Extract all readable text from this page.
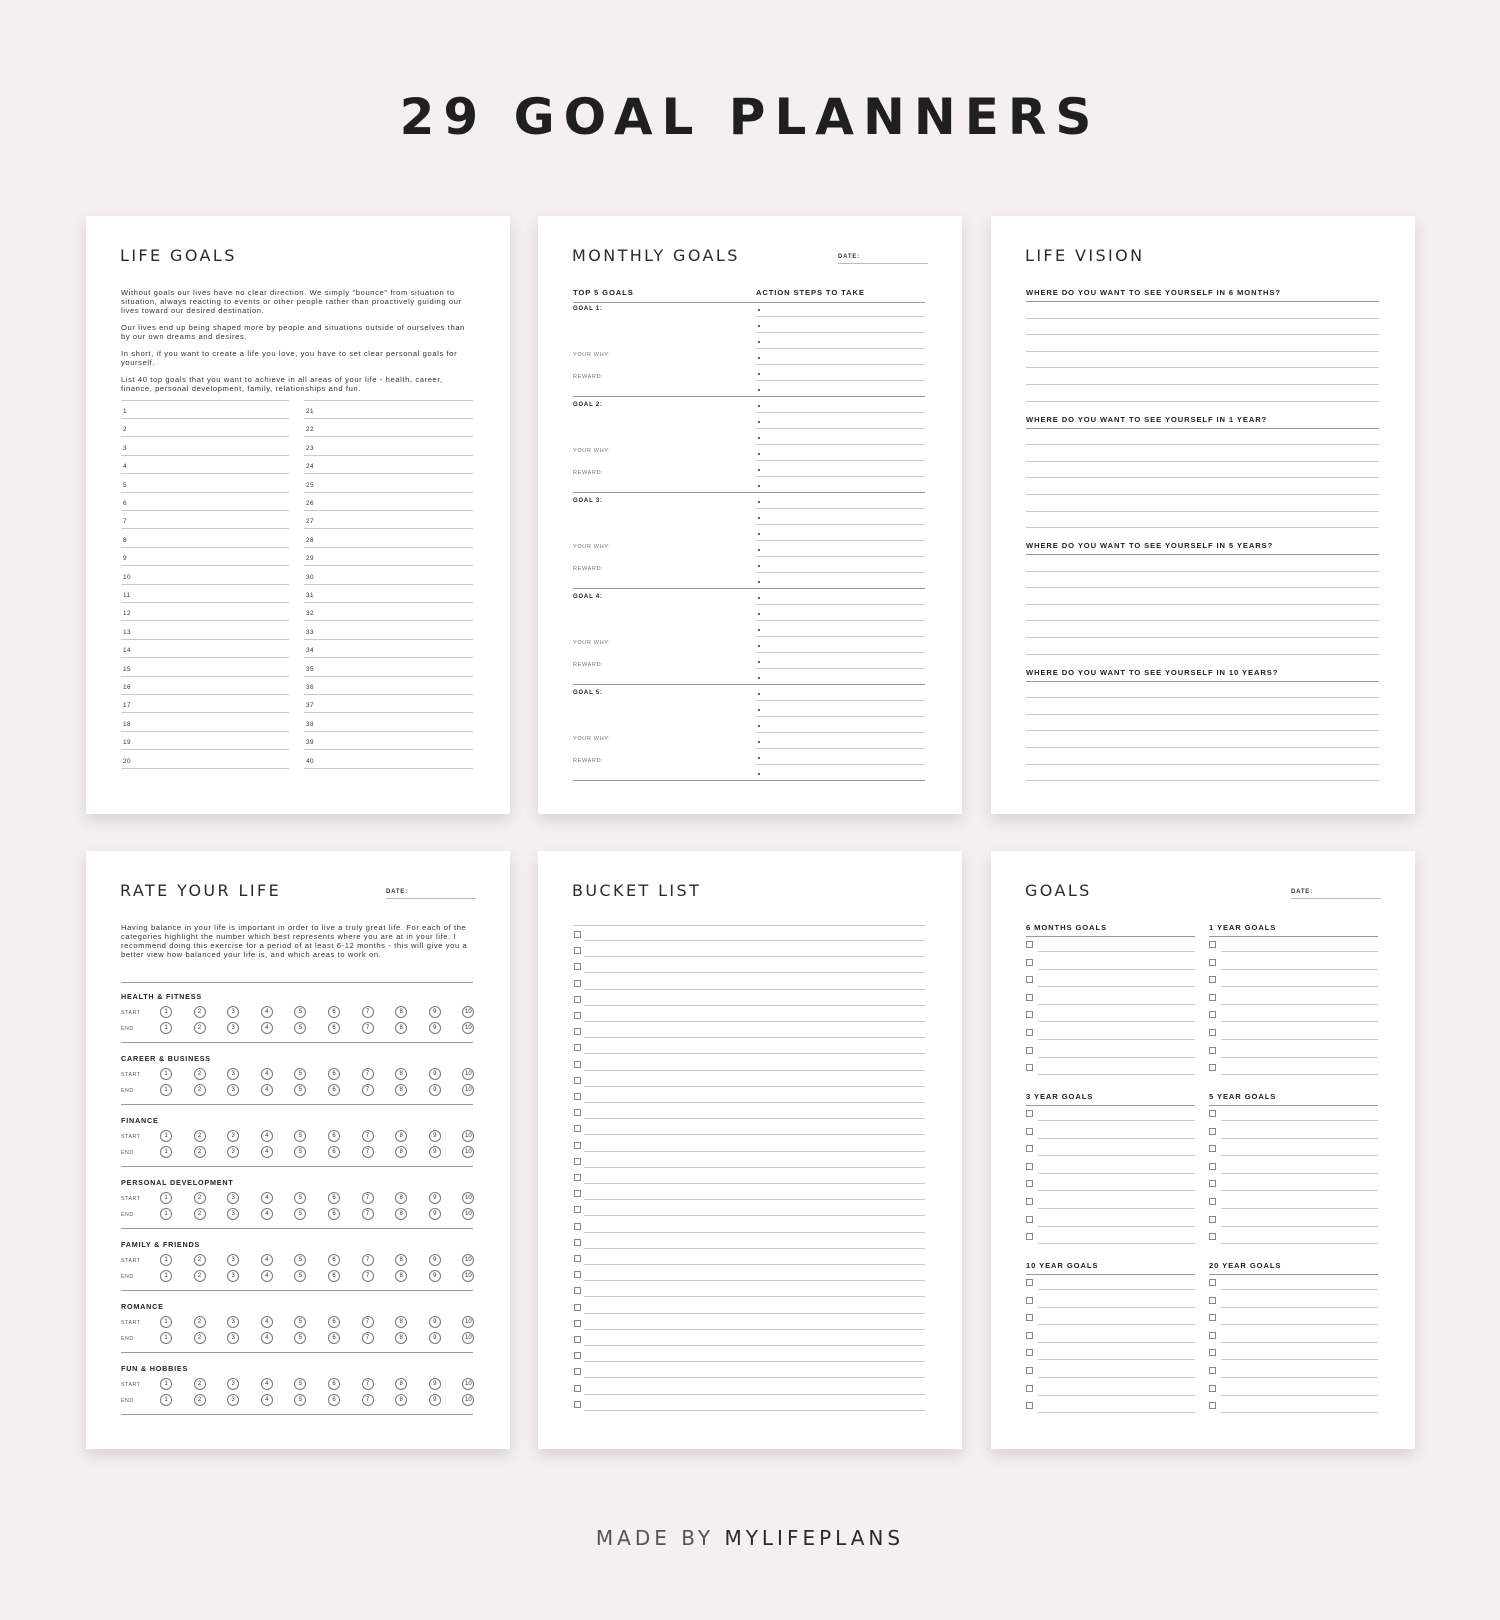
29 GOAL PLANNERS
LIFE GOALS

Without goals our lives have no clear direction. We simply "bounce" from situation to situation, always reacting to events or other people rather than proactively guiding our lives toward our desired destination.

Our lives end up being shaped more by people and situations outside of ourselves than by our own dreams and desires.

In short, if you want to create a life you love, you have to set clear personal goals for yourself.

List 40 top goals that you want to achieve in all areas of your life - health, career, finance, personal development, family, relationships and fun.

1	21
2	22
3	23
4	24
5	25
6	26
7	27
8	28
9	29
10	30
11	31
12	32
13	33
14	34
15	35
16	36
17	37
18	38
19	39
20	40
MONTHLY GOALS	DATE:
TOP 5 GOALS	ACTION STEPS TO TAKE
GOAL 1:
YOUR WHY:
REWARD:
GOAL 2:
YOUR WHY:
REWARD:
GOAL 3:
YOUR WHY:
REWARD:
GOAL 4:
YOUR WHY:
REWARD:
GOAL 5:
YOUR WHY:
REWARD:
LIFE VISION
WHERE DO YOU WANT TO SEE YOURSELF IN 6 MONTHS?
WHERE DO YOU WANT TO SEE YOURSELF IN 1 YEAR?
WHERE DO YOU WANT TO SEE YOURSELF IN 5 YEARS?
WHERE DO YOU WANT TO SEE YOURSELF IN 10 YEARS?
RATE YOUR LIFE	DATE:
Having balance in your life is important in order to live a truly great life. For each of the categories highlight the number which best represents where you are at in your life. I recommend doing this exercise for a period of at least 6-12 months - this will give you a better view how balanced your life is, and which areas to work on.
HEALTH & FITNESS
START	1	2	3	4	5	6	7	8	9	10
END	1	2	3	4	5	6	7	8	9	10
CAREER & BUSINESS
START	1	2	3	4	5	6	7	8	9	10
END	1	2	3	4	5	6	7	8	9	10
FINANCE
START	1	2	3	4	5	6	7	8	9	10
END	1	2	3	4	5	6	7	8	9	10
PERSONAL DEVELOPMENT
START	1	2	3	4	5	6	7	8	9	10
END	1	2	3	4	5	6	7	8	9	10
FAMILY & FRIENDS
START	1	2	3	4	5	6	7	8	9	10
END	1	2	3	4	5	6	7	8	9	10
ROMANCE
START	1	2	3	4	5	6	7	8	9	10
END	1	2	3	4	5	6	7	8	9	10
FUN & HOBBIES
START	1	2	3	4	5	6	7	8	9	10
END	1	2	3	4	5	6	7	8	9	10
BUCKET LIST	GOALS	DATE:
6 MONTHS GOALS	1 YEAR GOALS
3 YEAR GOALS	5 YEAR GOALS
10 YEAR GOALS	20 YEAR GOALS
MADE BY MYLIFEPLANS
